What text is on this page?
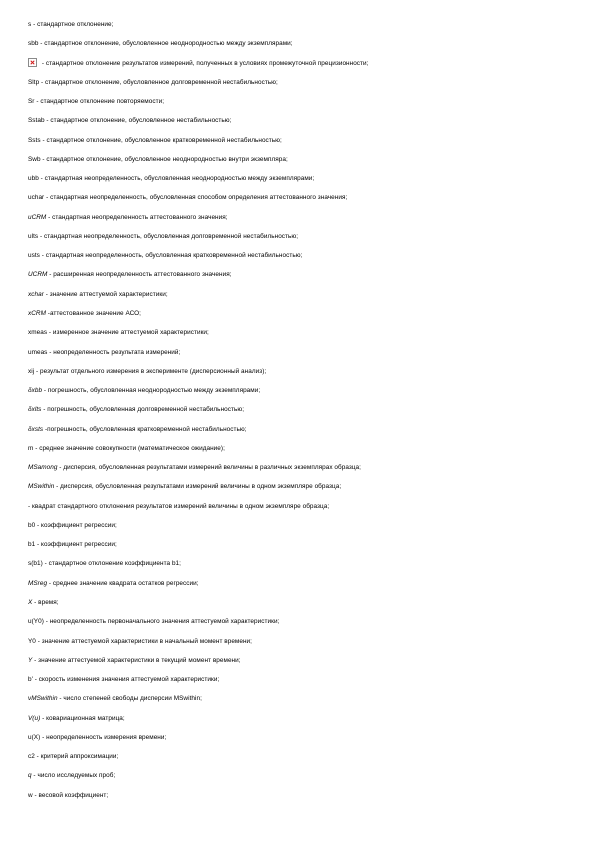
s - стандартное отклонение;
sbb - стандартное отклонение, обусловленное неоднородностью между экземплярами;
- стандартное отклонение результатов измерений, полученных в условиях промежуточной прецизионности;
Sltp - стандартное отклонение, обусловленное долговременной нестабильностью;
Sr - стандартное отклонение повторяемости;
Sstab - стандартное отклонение, обусловленное нестабильностью;
Ssts - стандартное отклонение, обусловленное кратковременной нестабильностью;
Swb - стандартное отклонение, обусловленное неоднородностью внутри экземпляра;
ubb - стандартная неопределенность, обусловленная неоднородностью между экземплярами;
uchar - стандартная неопределенность, обусловленная способом определения аттестованного значения;
uCRM - стандартная неопределенность аттестованного значения;
ults - стандартная неопределенность, обусловленная долговременной нестабильностью;
usts - стандартная неопределенность, обусловленная кратковременной нестабильностью;
UCRM - расширенная неопределенность аттестованного значения;
xchar - значение аттестуемой характеристики;
xCRM -аттестованное значение АСО;
xmeas - измеренное значение аттестуемой характеристики;
umeas - неопределенность результата измерений;
xij - результат отдельного измерения в эксперименте (дисперсионный анализ);
δxbb - погрешность, обусловленная неоднородностью между экземплярами;
δxlts - погрешность, обусловленная долговременной нестабильностью;
δxsts -погрешность, обусловленная кратковременной нестабильностью;
m - среднее значение совокупности (математическое ожидание);
MSamong - дисперсия, обусловленная результатами измерений величины в различных экземплярах образца;
MSwithin - дисперсия, обусловленная результатами измерений величины в одном экземпляре образца;
- квадрат стандартного отклонения результатов измерений величины в одном экземпляре образца;
b0 - коэффициент регрессии;
b1 - коэффициент регрессии;
s(b1) - стандартное отклонение коэффициента b1;
MSreg - среднее значение квадрата остатков регрессии;
X - время;
u(Y0) - неопределенность первоначального значения аттестуемой характеристики;
Y0 - значение аттестуемой характеристики в начальный момент времени;
Y - значение аттестуемой характеристики в текущий момент времени;
b' - скорость изменения значения аттестуемой характеристики;
νMSwithin - число степеней свободы дисперсии MSwithin;
V(u) - ковариационная матрица;
u(X) - неопределенность измерения времени;
c2 - критерий аппроксимации;
q - число исследуемых проб;
w - весовой коэффициент;
